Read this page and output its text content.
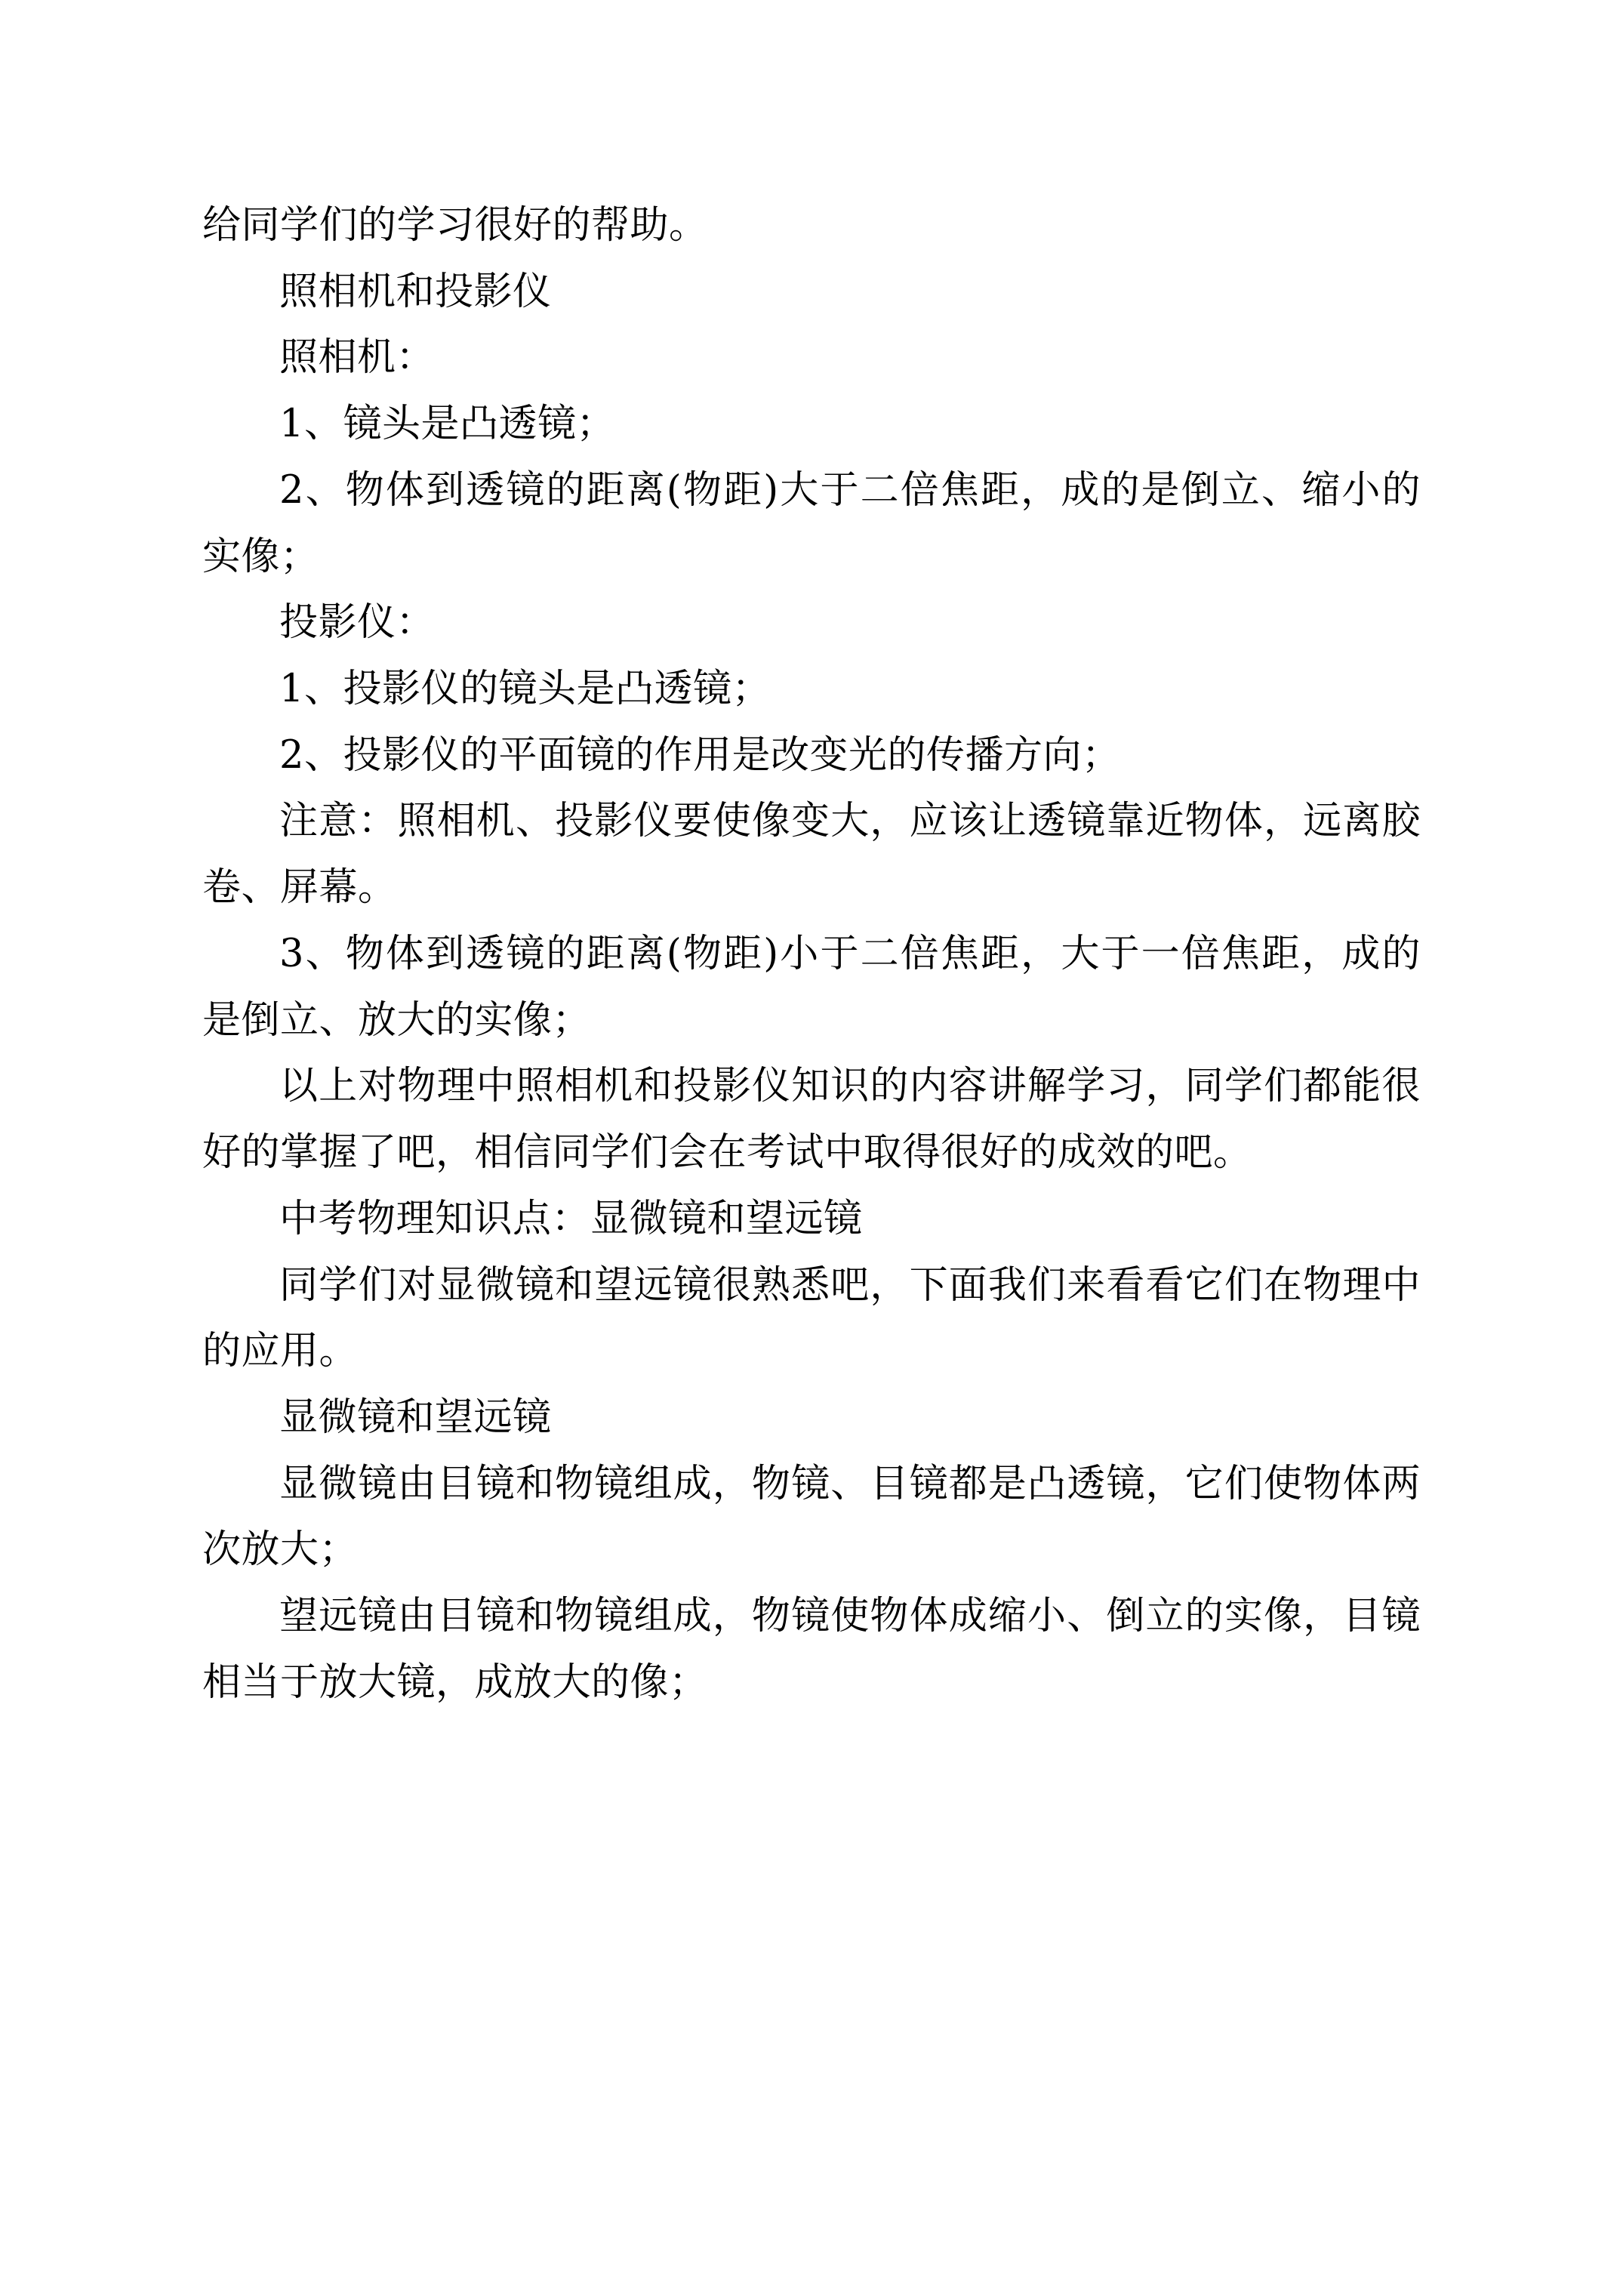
给同学们的学习很好的帮助。

照相机和投影仪

照相机：

1、镜头是凸透镜；

2、物体到透镜的距离(物距)大于二倍焦距，成的是倒立、缩小的实像；

投影仪：

1、投影仪的镜头是凸透镜；

2、投影仪的平面镜的作用是改变光的传播方向；

注意：照相机、投影仪要使像变大，应该让透镜靠近物体，远离胶卷、屏幕。

3、物体到透镜的距离(物距)小于二倍焦距，大于一倍焦距，成的是倒立、放大的实像；

以上对物理中照相机和投影仪知识的内容讲解学习，同学们都能很好的掌握了吧，相信同学们会在考试中取得很好的成效的吧。

中考物理知识点：显微镜和望远镜

同学们对显微镜和望远镜很熟悉吧，下面我们来看看它们在物理中的应用。

显微镜和望远镜

显微镜由目镜和物镜组成，物镜、目镜都是凸透镜，它们使物体两次放大；

望远镜由目镜和物镜组成，物镜使物体成缩小、倒立的实像，目镜相当于放大镜，成放大的像；
